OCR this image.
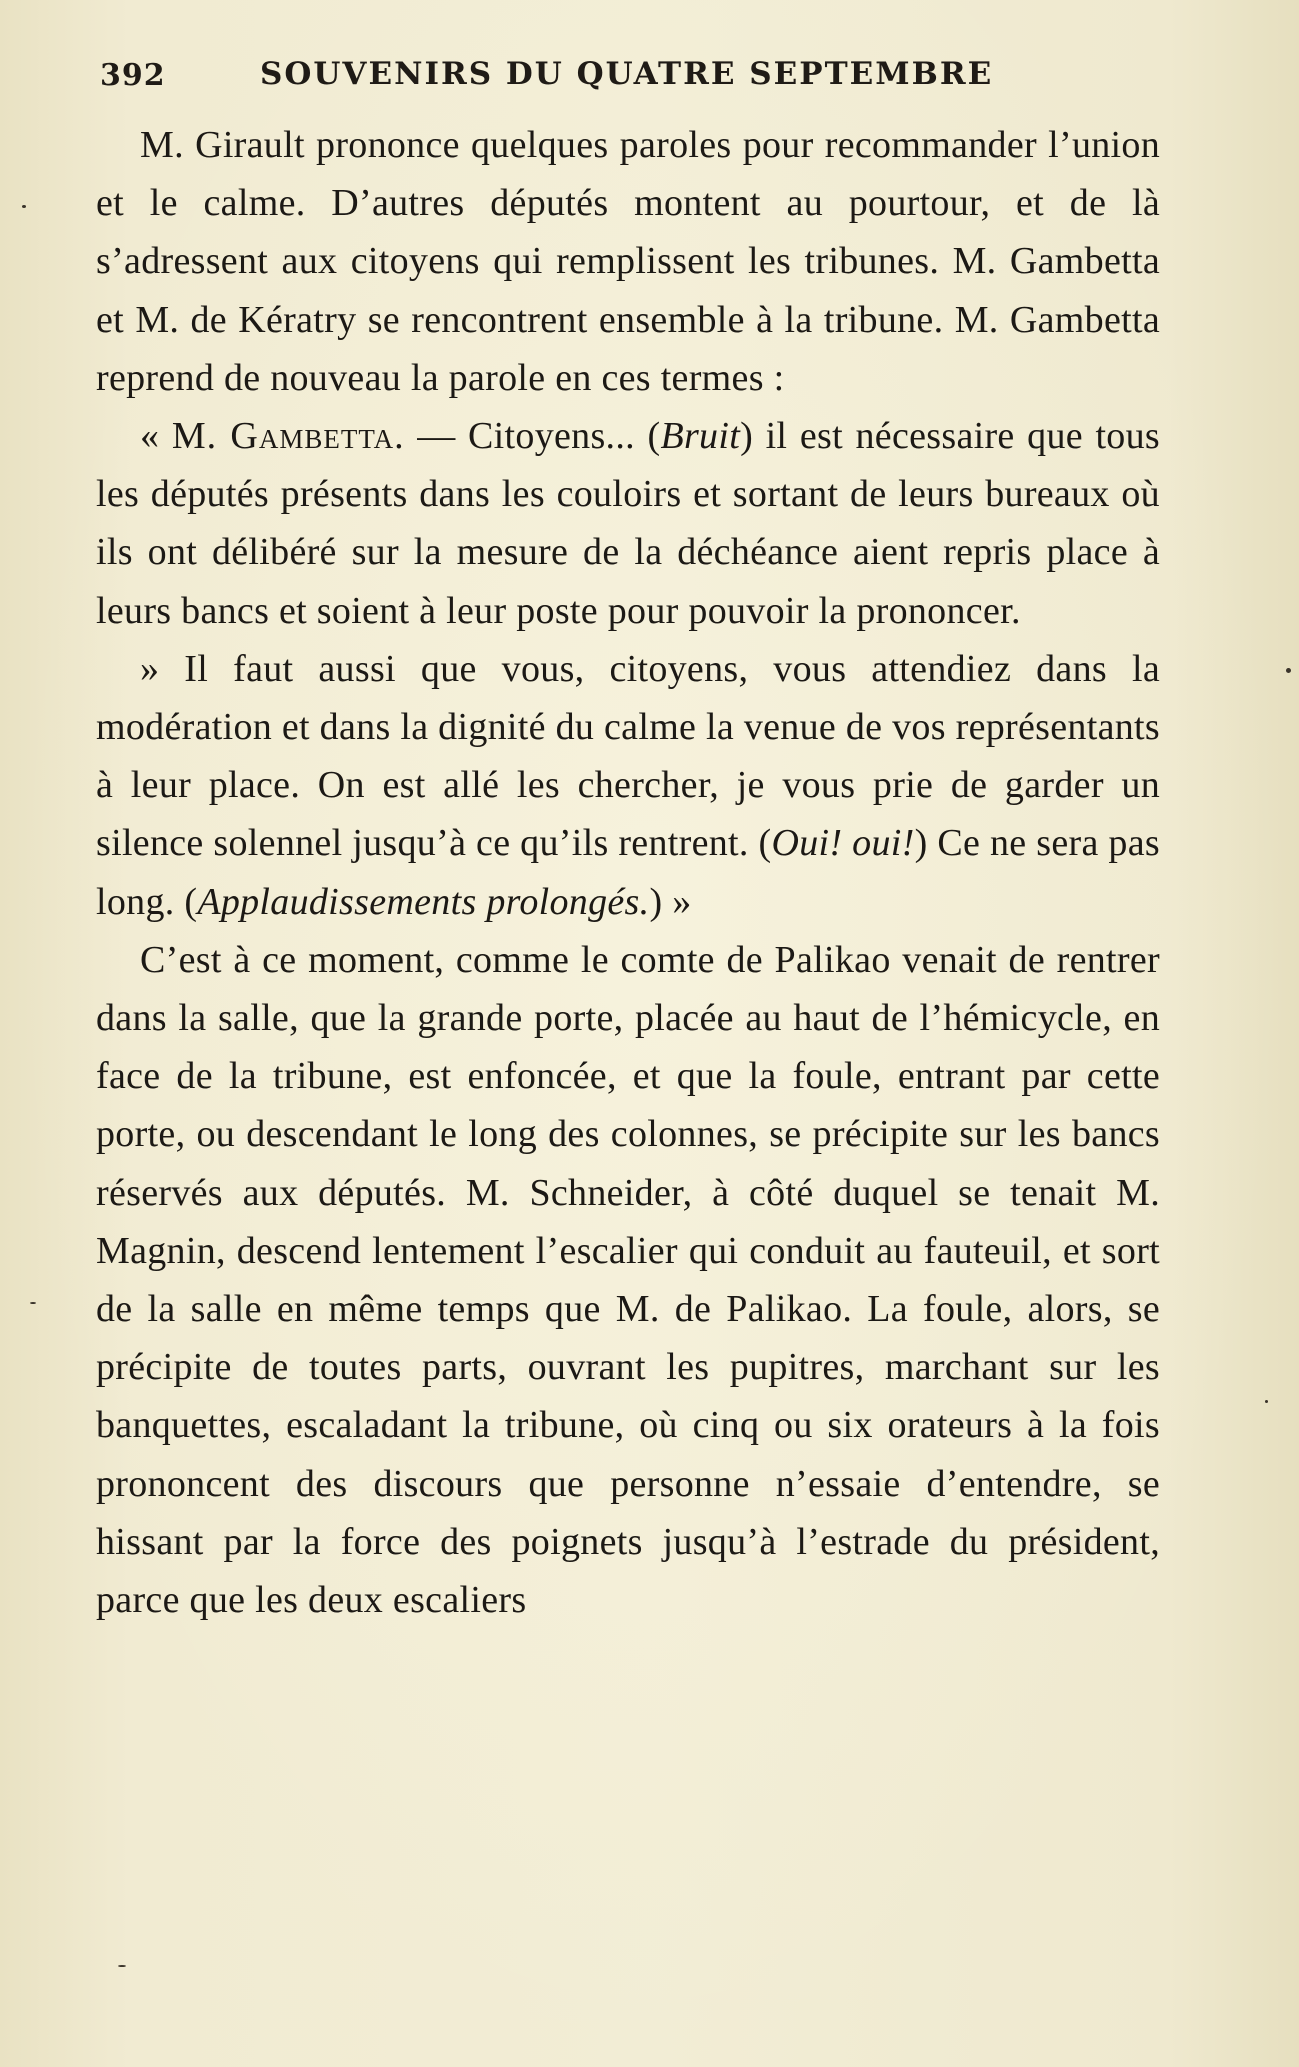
392	SOUVENIRS DU QUATRE SEPTEMBRE

M. Girault prononce quelques paroles pour recommander l’union et le calme. D’autres députés montent au pourtour, et de là s’adressent aux citoyens qui remplissent les tribunes. M. Gambetta et M. de Kératry se rencontrent ensemble à la tribune. M. Gambetta reprend de nouveau la parole en ces termes :

« M. Gambetta. — Citoyens... (Bruit) il est nécessaire que tous les députés présents dans les couloirs et sortant de leurs bureaux où ils ont délibéré sur la mesure de la déchéance aient repris place à leurs bancs et soient à leur poste pour pouvoir la prononcer.

» Il faut aussi que vous, citoyens, vous attendiez dans la modération et dans la dignité du calme la venue de vos représentants à leur place. On est allé les chercher, je vous prie de garder un silence solennel jusqu’à ce qu’ils rentrent. (Oui! oui!) Ce ne sera pas long. (Applaudissements prolongés.) »

C’est à ce moment, comme le comte de Palikao venait de rentrer dans la salle, que la grande porte, placée au haut de l’hémicycle, en face de la tribune, est enfoncée, et que la foule, entrant par cette porte, ou descendant le long des colonnes, se précipite sur les bancs réservés aux députés. M. Schneider, à côté duquel se tenait M. Magnin, descend lentement l’escalier qui conduit au fauteuil, et sort de la salle en même temps que M. de Palikao. La foule, alors, se précipite de toutes parts, ouvrant les pupitres, marchant sur les banquettes, escaladant la tribune, où cinq ou six orateurs à la fois prononcent des discours que personne n’essaie d’entendre, se hissant par la force des poignets jusqu’à l’estrade du président, parce que les deux escaliers
